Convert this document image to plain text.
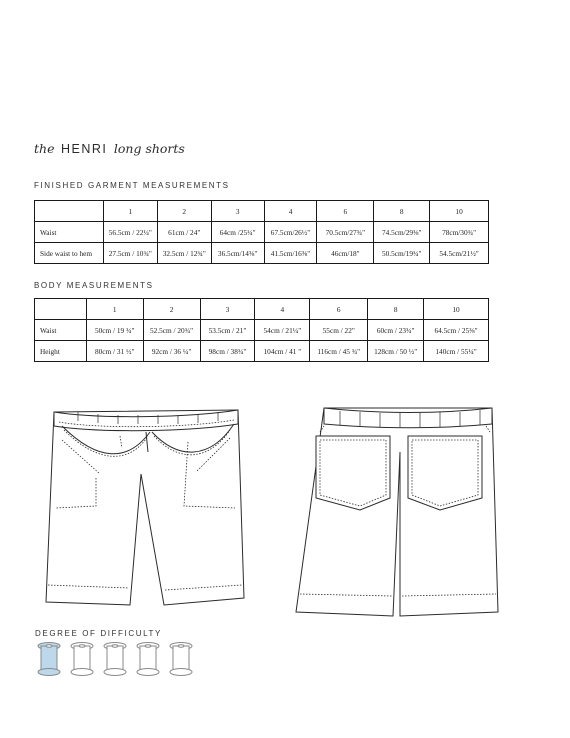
the HENRI long shorts
FINISHED GARMENT MEASUREMENTS
	1	2	3	4	6	8	10
Waist	56.5cm / 22¼"	61cm / 24"	64cm /25¼"	67.5cm/26½"	70.5cm/27¾"	74.5cm/29⅜"	78cm/30¾"
Side waist to hem	27.5cm / 10¾"	32.5cm / 12¾"	36.5cm/14⅜"	41.5cm/16⅜"	46cm/18"	50.5cm/19¾"	54.5cm/21½"
BODY MEASUREMENTS
	1	2	3	4	6	8	10
Waist	50cm / 19 ¾"	52.5cm / 20¾"	53.5cm / 21"	54cm / 21¼"	55cm / 22"	60cm / 23¾"	64.5cm / 25⅜"
Height	80cm / 31 ½"	92cm / 36 ¼"	98cm / 38¾"	104cm / 41 "	116cm / 45 ¾"	128cm / 50 ½"	140cm / 55¼"
DEGREE OF DIFFICULTY
